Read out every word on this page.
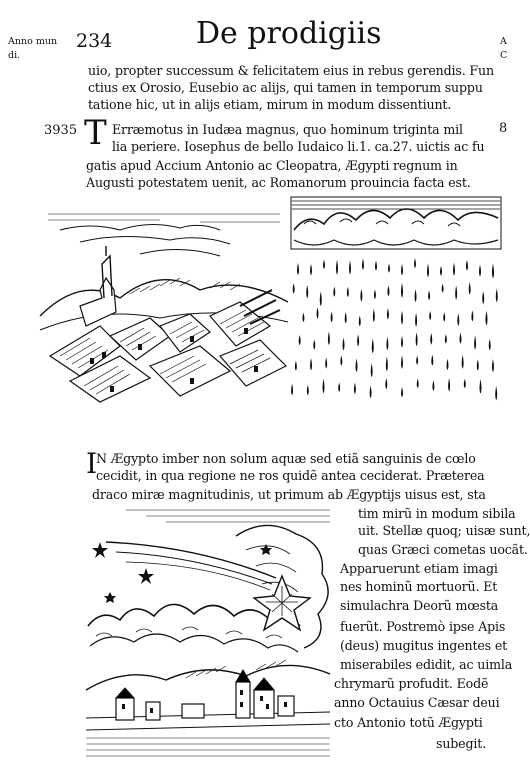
Anno mun
di.
234	De prodigiis	A
C
uio, propter successum & felicitatem eius in rebus gerendis. Fun
ctius ex Orosio, Eusebio ac alijs, qui tamen in temporum suppu
tatione hic, ut in alijs etiam, mirum in modum dissentiunt.
3935	8
T Erræmotus in Iudæa magnus, quo hominum triginta mil
lia periere. Iosephus de bello Iudaico li.1. ca.27. uictis ac fu
gatis apud Accium Antonio ac Cleopatra, Ægypti regnum in
Augusti potestatem uenit, ac Romanorum prouincia facta est.
I N Ægypto imber non solum aquæ sed etiã sanguinis de cœlo
cecidit, in qua regione ne ros quidẽ antea ceciderat. Præterea
draco miræ magnitudinis, ut primum ab Ægyptijs uisus est, sta
tim mirũ in modum sibila
uit. Stellæ quoq; uisæ sunt,
quas Græci cometas uocãt.
Apparuerunt etiam imagi
nes hominũ mortuorũ. Et
simulachra Deorũ mœsta
fuerũt. Postremò ipse Apis
(deus) mugitus ingentes et
miserabiles edidit, ac uimla
chrymarũ profudit. Eodẽ
anno Octauius Cæsar deui
cto Antonio totũ Ægypti
subegit.
